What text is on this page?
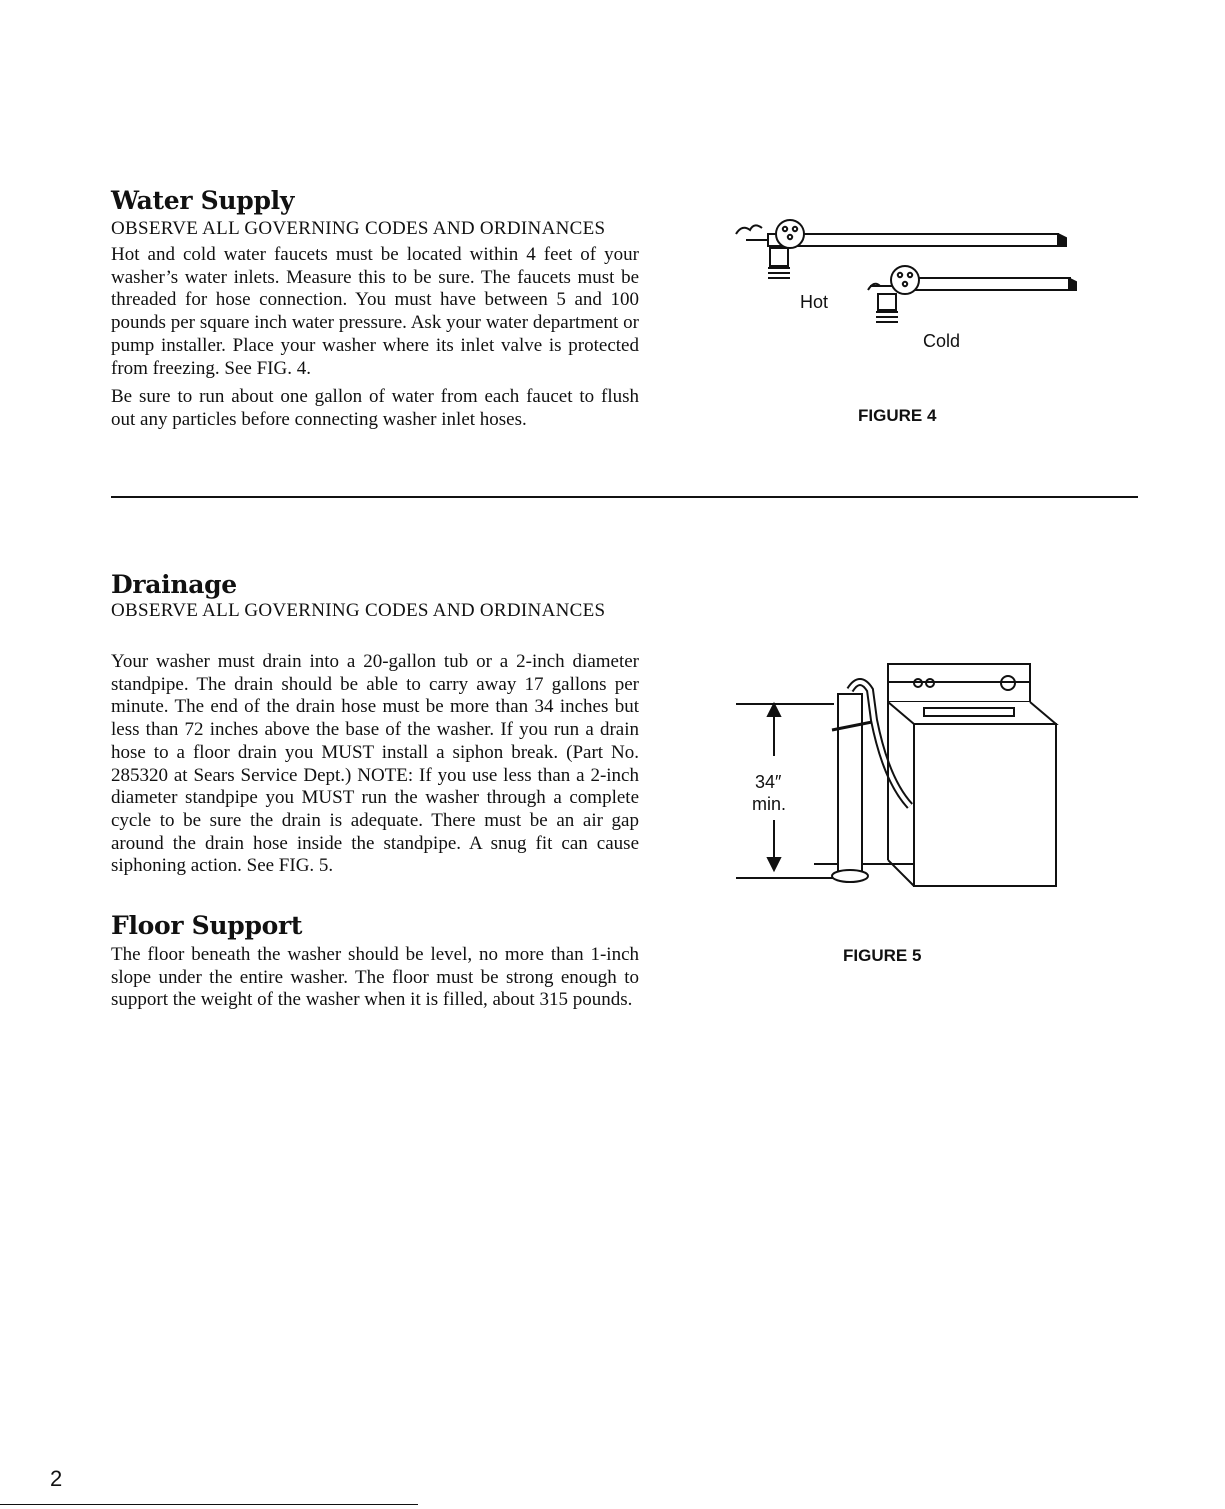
Water Supply

OBSERVE ALL GOVERNING CODES AND ORDINANCES

Hot and cold water faucets must be located within 4 feet of your washer’s water inlets. Measure this to be sure. The faucets must be threaded for hose connection. You must have between 5 and 100 pounds per square inch water pressure. Ask your water department or pump installer. Place your washer where its inlet valve is protected from freezing. See FIG. 4.

Be sure to run about one gallon of water from each faucet to flush out any particles before connecting washer inlet hoses.

Hot
Cold
FIGURE 4
Drainage

OBSERVE ALL GOVERNING CODES AND ORDINANCES

Your washer must drain into a 20-gallon tub or a 2-inch diameter standpipe. The drain should be able to carry away 17 gallons per minute. The end of the drain hose must be more than 34 inches but less than 72 inches above the base of the washer. If you run a drain hose to a floor drain you MUST install a siphon break. (Part No. 285320 at Sears Service Dept.) NOTE: If you use less than a 2-inch diameter standpipe you MUST run the washer through a complete cycle to be sure the drain is adequate. There must be an air gap around the drain hose inside the standpipe. A snug fit can cause siphoning action. See FIG. 5.

34″
min.
FIGURE 5
Floor Support

The floor beneath the washer should be level, no more than 1-inch slope under the entire washer. The floor must be strong enough to support the weight of the washer when it is filled, about 315 pounds.

2
